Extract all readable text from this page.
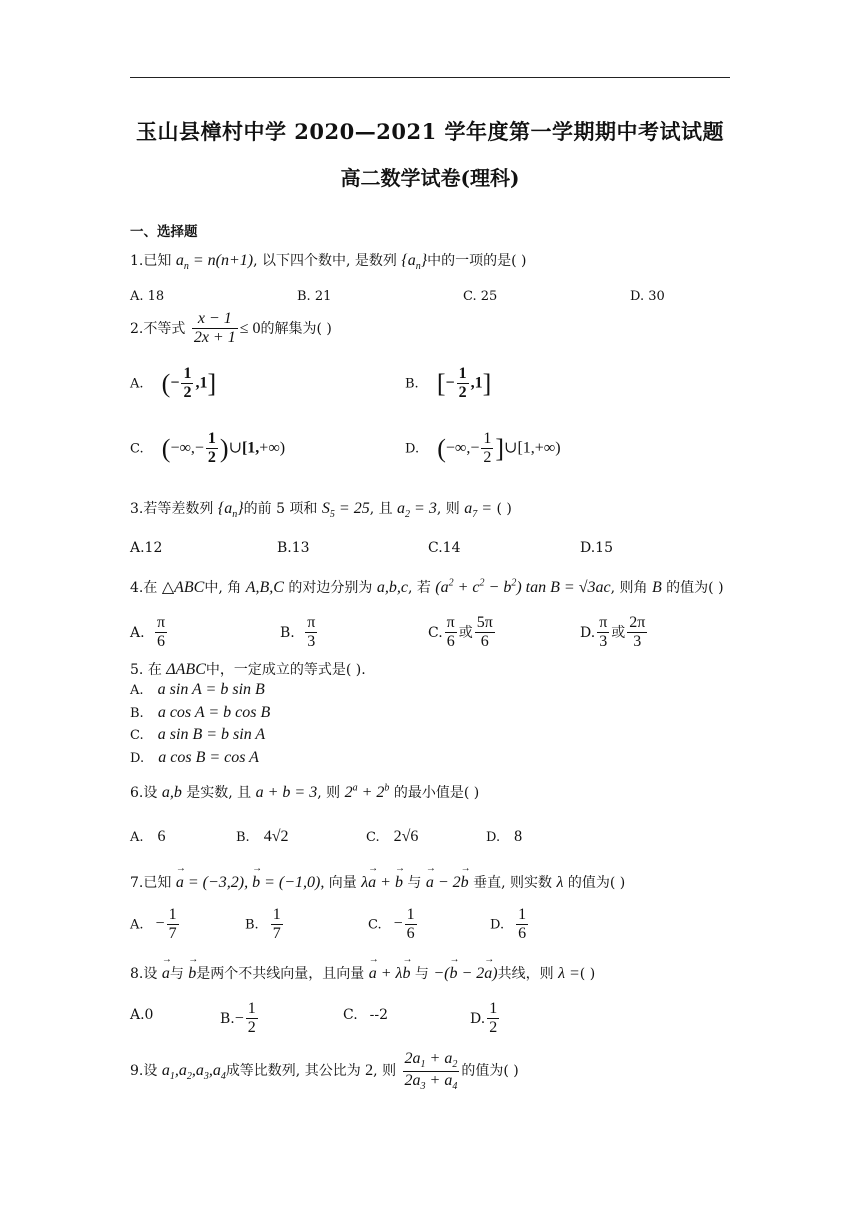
玉山县樟村中学 2020—2021 学年度第一学期期中考试试题
高二数学试卷(理科)
一、选择题
1.已知 $a_n = n(n+1)$, 以下四个数中, 是数列 $\{a_n\}$中的一项的是( )
A. 18	B. 21	C. 25	D. 30
2.不等式 $\frac{x - 1}{2x + 1} \le 0$的解集为( )
A. (− $\frac{1}{2} ,1$]	B. [− $\frac{1}{2} ,1$]
C. (−∞,− $\frac{1}{2}$ )∪[1,+∞)	D. (−∞,− $\frac{1}{2}$ ]∪[1,+∞)
3.若等差数列 $\{a_n\}$的前 5 项和 $S_5 = 25$, 且 $a_2 = 3$, 则 $a_7$ = ( )
A.12	B.13	C.14	D.15
4.在 △ABC中, 角 A,B,C 的对边分别为 a,b,c, 若 $(a^2 + c^2 - b^2)$ tan B = √3ac, 则角 B 的值为( )
A. $\frac{\pi}{6}$	B. $\frac{\pi}{3}$	C. $\frac{\pi}{6}$ 或 $\frac{5\pi}{6}$	D. $\frac{\pi}{3}$ 或 $\frac{2\pi}{3}$
5. 在 ΔABC中，一定成立的等式是( ).
A. a sin A = b sin B
B. a cos A = b cos B
C. a sin B = b sin A
D. a cos B = cos A
6.设 a,b 是实数, 且 a + b = 3, 则 $2^a + 2^b$ 的最小值是( )
A. 6	B. 4√2	C. 2√6	D. 8
7.已知 → a = (−3,2), → b = (−1,0), 向量 λ→ a + → b 与 → a − 2→ b 垂直, 则实数 λ 的值为( )
A. − $\frac{1}{7}$	B. $\frac{1}{7}$	C. − $\frac{1}{6}$	D. $\frac{1}{6}$
8.设 → a与 → b是两个不共线向量，且向量 → a + λ→ b 与 −(→ b − 2→ a)共线，则 λ =( )
A.0	$B.- \frac{1}{2}$	C. --2	D. $\frac{1}{2}$
9.设 $a_1,a_2,a_3,a_4$成等比数列, 其公比为 2, 则 $\frac{2a_1 + a_2}{2a_3 + a_4}$ 的值为( )
